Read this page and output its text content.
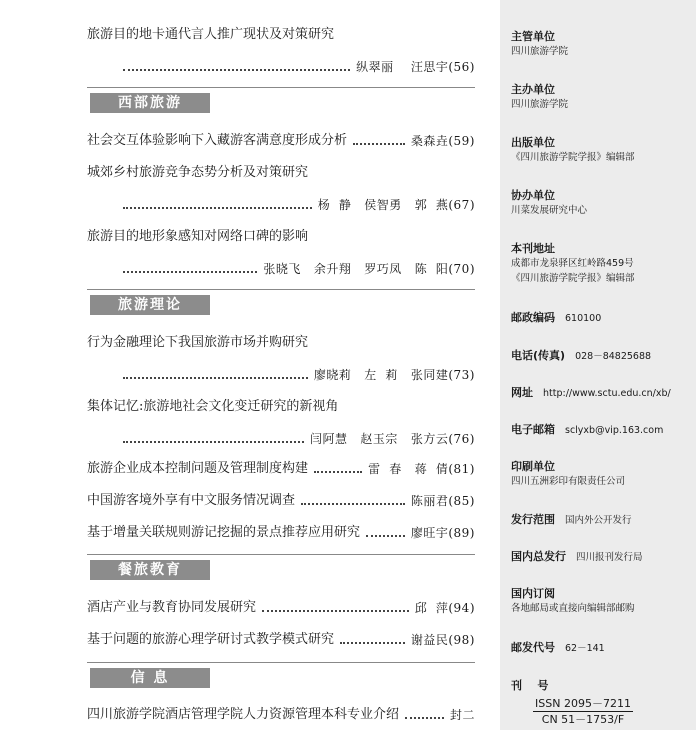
旅游目的地卡通代言人推广现状及对策研究
纵翠丽    汪思宇(56)
西部旅游
社会交互体验影响下入藏游客满意度形成分析	桑森垚(59)
城郊乡村旅游竞争态势分析及对策研究
杨  静   侯智勇   郭  燕(67)
旅游目的地形象感知对网络口碑的影响
张晓飞   余升翔   罗巧凤   陈  阳(70)
旅游理论
行为金融理论下我国旅游市场并购研究
廖晓莉   左  莉   张同建(73)
集体记忆:旅游地社会文化变迁研究的新视角
闫阿慧   赵玉宗   张方云(76)
旅游企业成本控制问题及管理制度构建	雷  春   蒋  倩(81)
中国游客境外享有中文服务情况调查	陈丽君(85)
基于增量关联规则游记挖掘的景点推荐应用研究	廖旺宇(89)
餐旅教育
酒店产业与教育协同发展研究	邱  萍(94)
基于问题的旅游心理学研讨式教学模式研究	谢益民(98)
信 息
四川旅游学院酒店管理学院人力资源管理本科专业介绍	封二
主管单位
四川旅游学院
主办单位
四川旅游学院
出版单位
《四川旅游学院学报》编辑部
协办单位
川菜发展研究中心
本刊地址
成都市龙泉驿区红岭路459号
《四川旅游学院学报》编辑部
邮政编码 610100
电话(传真) 028－84825688
网址 http://www.sctu.edu.cn/xb/
电子邮箱 sclyxb@vip.163.com
印刷单位
四川五洲彩印有限责任公司
发行范围 国内外公开发行
国内总发行 四川报刊发行局
国内订阅
各地邮局或直接向编辑部邮购
邮发代号 62－141
刊    号
ISSN 2095－7211
CN 51－1753/F
